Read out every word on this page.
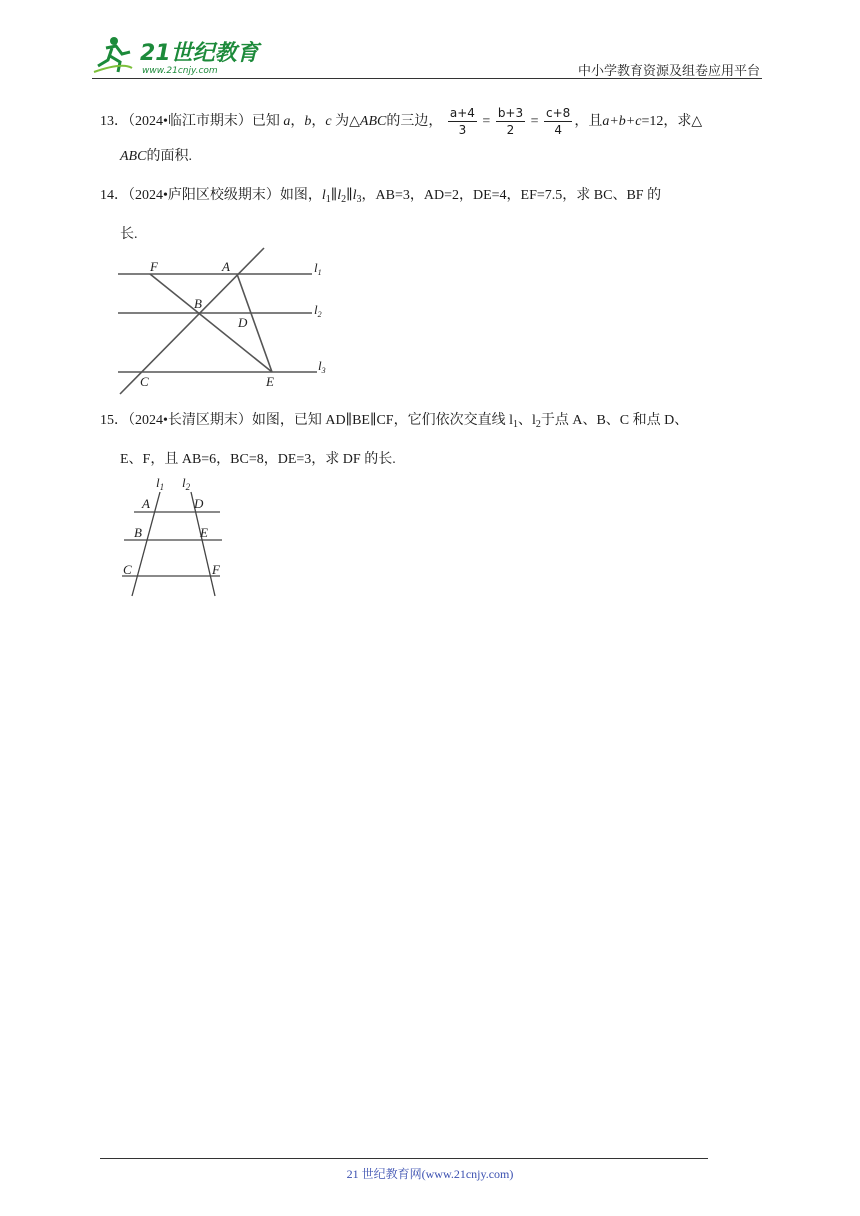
21世纪教育
www.21cnjy.com	中小学教育资源及组卷应用平台
13．（2024•临江市期末）已知 a，b，c 为△ABC的三边， $\frac{a+4}{3} = \frac{b+3}{2} = \frac{c+8}{4}$ ，且a+b+c=12，求△
ABC的面积.
14．（2024•庐阳区校级期末）如图，$l_1\parallel l_2\parallel l_3$，AB=3，AD=2，DE=4，EF=7.5，求 BC、BF 的
长.
F	A
B
D
C	E
$l_1$
$l_2$
$l_3$
15．（2024•长清区期末）如图，已知 AD∥BE∥CF，它们依次交直线 $l_1$、$l_2$于点 A、B、C 和点 D、
E、F，且 AB=6，BC=8，DE=3，求 DF 的长.
$l_1$ $l_2$
A	D
B	E
C	F
21 世纪教育网(www.21cnjy.com)
